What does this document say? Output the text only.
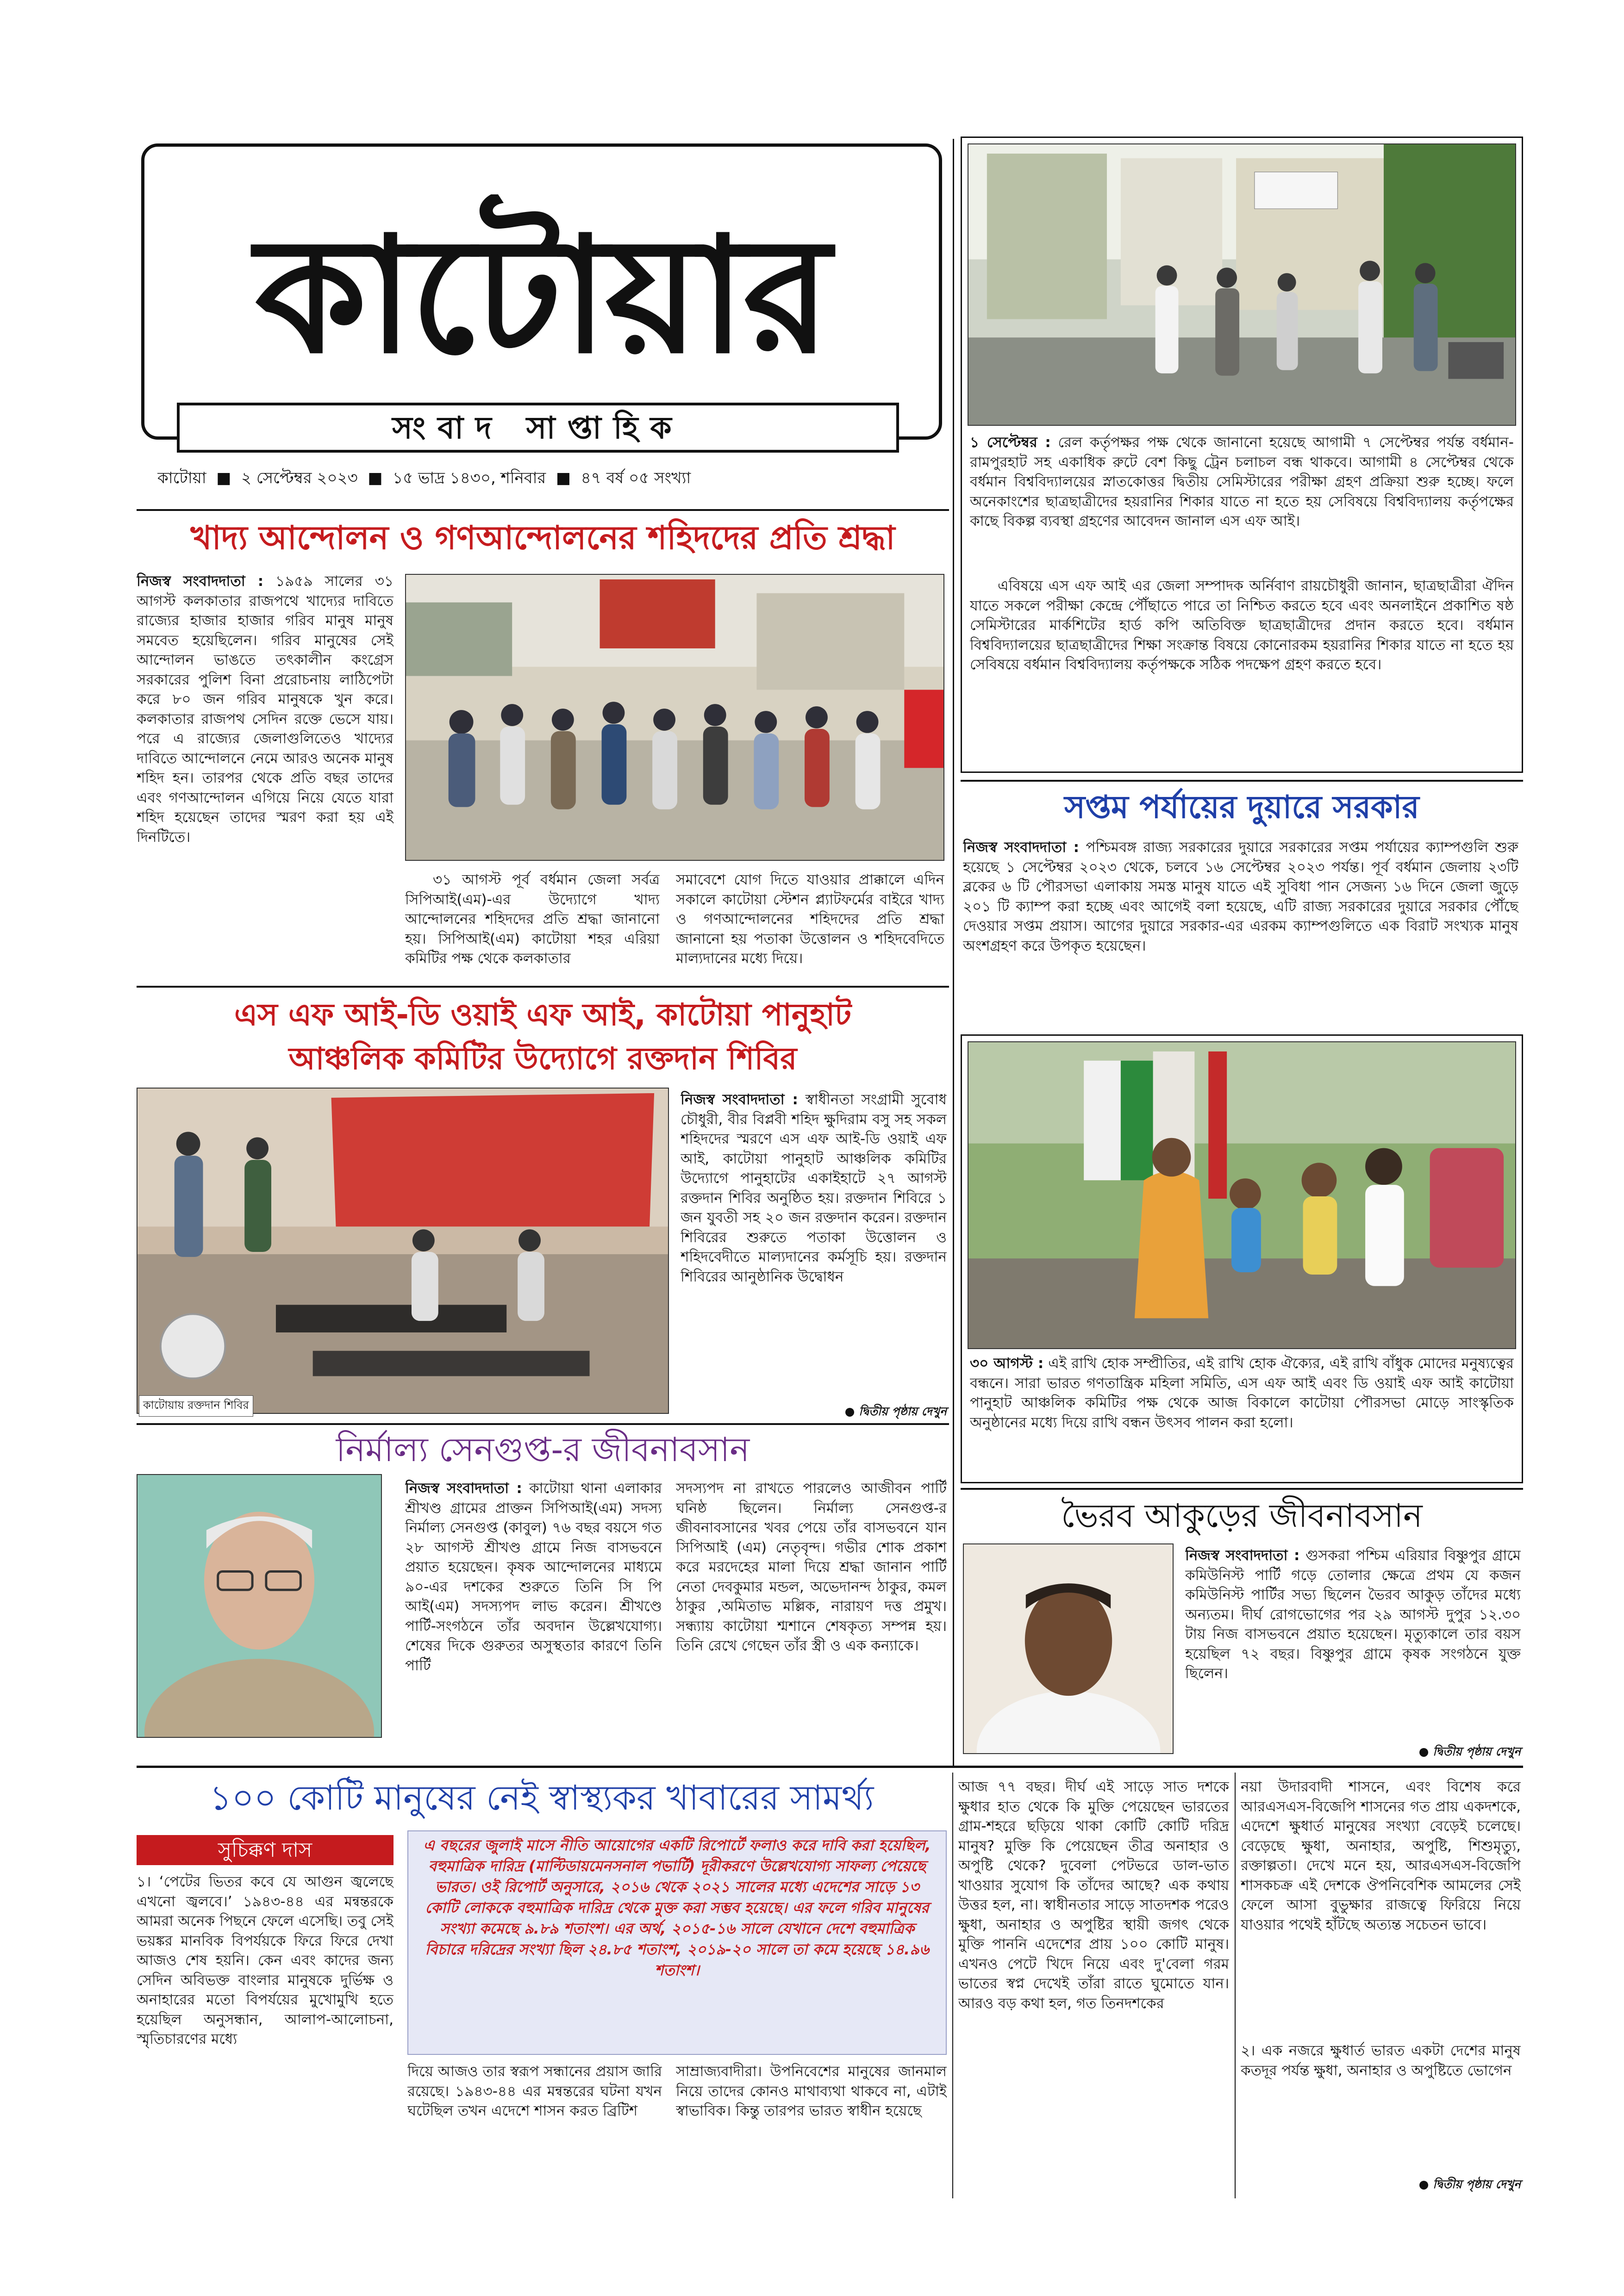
কাটোয়ার
সংবাদ সাপ্তাহিক
কাটোয়া ■ ২ সেপ্টেম্বর ২০২৩ ■ ১৫ ভাদ্র ১৪৩০, শনিবার ■ ৪৭ বর্ষ ০৫ সংখ্যা
১ সেপ্টেম্বর : রেল কর্তৃপক্ষর পক্ষ থেকে জানানো হয়েছে আগামী ৭ সেপ্টেম্বর পর্যন্ত বর্ধমান-রামপুরহাট সহ একাধিক রুটে বেশ কিছু ট্রেন চলাচল বন্ধ থাকবে। আগামী ৪ সেপ্টেম্বর থেকে বর্ধমান বিশ্ববিদ্যালয়ের স্নাতকোত্তর দ্বিতীয় সেমিস্টারের পরীক্ষা গ্রহণ প্রক্রিয়া শুরু হচ্ছে। ফলে অনেকাংশের ছাত্রছাত্রীদের হয়রানির শিকার যাতে না হতে হয় সেবিষয়ে বিশ্ববিদ্যালয় কর্তৃপক্ষের কাছে বিকল্প ব্যবস্থা গ্রহণের আবেদন জানাল এস এফ আই।
এবিষয়ে এস এফ আই এর জেলা সম্পাদক অর্নিবাণ রায়চৌধুরী জানান, ছাত্রছাত্রীরা ঐদিন যাতে সকলে পরীক্ষা কেন্দ্রে পৌঁছাতে পারে তা নিশ্চিত করতে হবে এবং অনলাইনে প্রকাশিত ষষ্ঠ সেমিস্টারের মার্কশিটের হার্ড কপি অতিবিক্ত ছাত্রছাত্রীদের প্রদান করতে হবে। বর্ধমান বিশ্ববিদ্যালয়ের ছাত্রছাত্রীদের শিক্ষা সংক্রান্ত বিষয়ে কোনোরকম হয়রানির শিকার যাতে না হতে হয় সেবিষয়ে বর্ধমান বিশ্ববিদ্যালয় কর্তৃপক্ষকে সঠিক পদক্ষেপ গ্রহণ করতে হবে।
খাদ্য আন্দোলন ও গণআন্দোলনের শহিদদের প্রতি শ্রদ্ধা
নিজস্ব সংবাদদাতা : ১৯৫৯ সালের ৩১ আগস্ট কলকাতার রাজপথে খাদ্যের দাবিতে রাজ্যের হাজার হাজার গরিব মানুষ মানুষ সমবেত হয়েছিলেন। গরিব মানুষের সেই আন্দোলন ভাঙতে তৎকালীন কংগ্রেস সরকারের পুলিশ বিনা প্ররোচনায় লাঠিপেটা করে ৮০ জন গরিব মানুষকে খুন করে। কলকাতার রাজপথ সেদিন রক্তে ভেসে যায়। পরে এ রাজ্যের জেলাগুলিতেও খাদ্যের দাবিতে আন্দোলনে নেমে আরও অনেক মানুষ শহিদ হন। তারপর থেকে প্রতি বছর তাদের এবং গণআন্দোলন এগিয়ে নিয়ে যেতে যারা শহিদ হয়েছেন তাদের স্মরণ করা হয় এই দিনটিতে।
৩১ আগস্ট পূর্ব বর্ধমান জেলা সর্বত্র সিপিআই(এম)-এর উদ্যোগে খাদ্য আন্দোলনের শহিদদের প্রতি শ্রদ্ধা জানানো হয়। সিপিআই(এম) কাটোয়া শহর এরিয়া কমিটির পক্ষ থেকে কলকাতার
সমাবেশে যোগ দিতে যাওয়ার প্রাক্কালে এদিন সকালে কাটোয়া স্টেশন প্ল্যাটফর্মের বাইরে খাদ্য ও গণআন্দোলনের শহিদদের প্রতি শ্রদ্ধা জানানো হয় পতাকা উত্তোলন ও শহিদবেদিতে মাল্যদানের মধ্যে দিয়ে।
সপ্তম পর্যায়ের দুয়ারে সরকার
নিজস্ব সংবাদদাতা : পশ্চিমবঙ্গ রাজ্য সরকারের দুয়ারে সরকারের সপ্তম পর্যায়ের ক্যাম্পগুলি শুরু হয়েছে ১ সেপ্টেম্বর ২০২৩ থেকে, চলবে ১৬ সেপ্টেম্বর ২০২৩ পর্যন্ত। পূর্ব বর্ধমান জেলায় ২৩টি ব্লকের ৬ টি পৌরসভা এলাকায় সমস্ত মানুষ যাতে এই সুবিধা পান সেজন্য ১৬ দিনে জেলা জুড়ে ২০১ টি ক্যাম্প করা হচ্ছে এবং আগেই বলা হয়েছে, এটি রাজ্য সরকারের দুয়ারে সরকার পৌঁছে দেওয়ার সপ্তম প্রয়াস। আগের দুয়ারে সরকার-এর এরকম ক্যাম্পগুলিতে এক বিরাট সংখ্যক মানুষ অংশগ্রহণ করে উপকৃত হয়েছেন।
এস এফ আই-ডি ওয়াই এফ আই, কাটোয়া পানুহাট
আঞ্চলিক কমিটির উদ্যোগে রক্তদান শিবির
কাটোয়ায় রক্তদান শিবির
নিজস্ব সংবাদদাতা : স্বাধীনতা সংগ্রামী সুবোধ চৌধুরী, বীর বিপ্লবী শহিদ ক্ষুদিরাম বসু সহ সকল শহিদদের স্মরণে এস এফ আই-ডি ওয়াই এফ আই, কাটোয়া পানুহাট আঞ্চলিক কমিটির উদ্যোগে পানুহাটের একাইহাটে ২৭ আগস্ট রক্তদান শিবির অনুষ্ঠিত হয়। রক্তদান শিবিরে ১ জন যুবতী সহ ২০ জন রক্তদান করেন। রক্তদান শিবিরের শুরুতে পতাকা উত্তোলন ও শহিদবেদীতে মাল্যদানের কর্মসূচি হয়। রক্তদান শিবিরের আনুষ্ঠানিক উদ্বোধন
● দ্বিতীয় পৃষ্ঠায় দেখুন
৩০ আগস্ট : এই রাখি হোক সম্প্রীতির, এই রাখি হোক ঐক্যের, এই রাখি বাঁধুক মোদের মনুষ্যত্বের বন্ধনে। সারা ভারত গণতান্ত্রিক মহিলা সমিতি, এস এফ আই এবং ডি ওয়াই এফ আই কাটোয়া পানুহাট আঞ্চলিক কমিটির পক্ষ থেকে আজ বিকালে কাটোয়া পৌরসভা মোড়ে সাংস্কৃতিক অনুষ্ঠানের মধ্যে দিয়ে রাখি বন্ধন উৎসব পালন করা হলো।
নির্মাল্য সেনগুপ্ত-র জীবনাবসান
নিজস্ব সংবাদদাতা : কাটোয়া থানা এলাকার শ্রীখণ্ড গ্রামের প্রাক্তন সিপিআই(এম) সদস্য নির্মাল্য সেনগুপ্ত (কাবুল) ৭৬ বছর বয়সে গত ২৮ আগস্ট শ্রীখণ্ড গ্রামে নিজ বাসভবনে প্রয়াত হয়েছেন। কৃষক আন্দোলনের মাধ্যমে ৯০-এর দশকের শুরুতে তিনি সি পি আই(এম) সদস্যপদ লাভ করেন। শ্রীখণ্ডে পার্টি-সংগঠনে তাঁর অবদান উল্লেখযোগ্য। শেষের দিকে গুরুতর অসুস্থতার কারণে তিনি পার্টি
সদস্যপদ না রাখতে পারলেও আজীবন পার্টি ঘনিষ্ঠ ছিলেন। নির্মাল্য সেনগুপ্ত-র জীবনাবসানের খবর পেয়ে তাঁর বাসভবনে যান সিপিআই (এম) নেতৃবৃন্দ। গভীর শোক প্রকাশ করে মরদেহের মালা দিয়ে শ্রদ্ধা জানান পার্টি নেতা দেবকুমার মন্ডল, অভেদানন্দ ঠাকুর, কমল ঠাকুর ,অমিতাভ মল্লিক, নারায়ণ দত্ত প্রমুখ। সন্ধ্যায় কাটোয়া শ্মশানে শেষকৃত্য সম্পন্ন হয়। তিনি রেখে গেছেন তাঁর স্ত্রী ও এক কন্যাকে।
ভৈরব আকুড়ের জীবনাবসান
নিজস্ব সংবাদদাতা : গুসকরা পশ্চিম এরিয়ার বিষ্ণুপুর গ্রামে কমিউনিস্ট পার্টি গড়ে তোলার ক্ষেত্রে প্রথম যে কজন কমিউনিস্ট পার্টির সভ্য ছিলেন ভৈরব আকুড় তাঁদের মধ্যে অন্যতম। দীর্ঘ রোগভোগের পর ২৯ আগস্ট দুপুর ১২.৩০ টায় নিজ বাসভবনে প্রয়াত হয়েছেন। মৃত্যুকালে তার বয়স হয়েছিল ৭২ বছর। বিষ্ণুপুর গ্রামে কৃষক সংগঠনে যুক্ত ছিলেন।
● দ্বিতীয় পৃষ্ঠায় দেখুন
১০০ কোটি মানুষের নেই স্বাস্থ্যকর খাবারের সামর্থ্য
সুচিক্কণ দাস
১। ‘পেটের ভিতর কবে যে আগুন জ্বলেছে এখনো জ্বলবে।’ ১৯৪৩-৪৪ এর মন্বন্তরকে আমরা অনেক পিছনে ফেলে এসেছি। তবু সেই ভয়ঙ্কর মানবিক বিপর্যয়কে ফিরে ফিরে দেখা আজও শেষ হয়নি। কেন এবং কাদের জন্য সেদিন অবিভক্ত বাংলার মানুষকে দুর্ভিক্ষ ও অনাহারের মতো বিপর্যয়ের মুখোমুখি হতে হয়েছিল অনুসন্ধান, আলাপ-আলোচনা, স্মৃতিচারণের মধ্যে
এ বছরের জুলাই মাসে নীতি আয়োগের একটি রিপোর্টে ফলাও করে দাবি করা হয়েছিল, বহুমাত্রিক দারিদ্র (মাল্টিডায়মেনসনাল পভার্টি) দূরীকরণে উল্লেখযোগ্য সাফল্য পেয়েছে ভারত। ওই রিপোর্ট অনুসারে, ২০১৬ থেকে ২০২১ সালের মধ্যে এদেশের সাড়ে ১৩ কোটি লোককে বহুমাত্রিক দারিদ্র থেকে মুক্ত করা সম্ভব হয়েছে। এর ফলে গরিব মানুষের সংখ্যা কমেছে ৯.৮৯ শতাংশ। এর অর্থ, ২০১৫-১৬ সালে যেখানে দেশে বহুমাত্রিক বিচারে দরিদ্রের সংখ্যা ছিল ২৪.৮৫ শতাংশ, ২০১৯-২০ সালে তা কমে হয়েছে ১৪.৯৬ শতাংশ।
দিয়ে আজও তার স্বরূপ সন্ধানের প্রয়াস জারি রয়েছে। ১৯৪৩-৪৪ এর মন্বন্তরের ঘটনা যখন ঘটেছিল তখন এদেশে শাসন করত ব্রিটিশ
সাম্রাজ্যবাদীরা। উপনিবেশের মানুষের জানমাল নিয়ে তাদের কোনও মাথাব্যথা থাকবে না, এটাই স্বাভাবিক। কিন্তু তারপর ভারত স্বাধীন হয়েছে
আজ ৭৭ বছর। দীর্ঘ এই সাড়ে সাত দশকে ক্ষুধার হাত থেকে কি মুক্তি পেয়েছেন ভারতের গ্রাম-শহরে ছড়িয়ে থাকা কোটি কোটি দরিদ্র মানুষ? মুক্তি কি পেয়েছেন তীব্র অনাহার ও অপুষ্টি থেকে? দুবেলা পেটভরে ডাল-ভাত খাওয়ার সুযোগ কি তাঁদের আছে? এক কথায় উত্তর হল, না। স্বাধীনতার সাড়ে সাতদশক পরেও ক্ষুধা, অনাহার ও অপুষ্টির স্থায়ী জগৎ থেকে মুক্তি পাননি এদেশের প্রায় ১০০ কোটি মানুষ। এখনও পেটে খিদে নিয়ে এবং দু'বেলা গরম ভাতের স্বপ্ন দেখেই তাঁরা রাতে ঘুমোতে যান। আরও বড় কথা হল, গত তিনদশকের
নয়া উদারবাদী শাসনে, এবং বিশেষ করে আরএসএস-বিজেপি শাসনের গত প্রায় একদশকে, এদেশে ক্ষুধার্ত মানুষের সংখ্যা বেড়েই চলেছে। বেড়েছে ক্ষুধা, অনাহার, অপুষ্টি, শিশুমৃত্যু, রক্তাল্পতা। দেখে মনে হয়, আরএসএস-বিজেপি শাসকচক্র এই দেশকে ঔপনিবেশিক আমলের সেই ফেলে আসা বুভুক্ষার রাজত্বে ফিরিয়ে নিয়ে যাওয়ার পথেই হাঁটছে অত্যন্ত সচেতন ভাবে।
২। এক নজরে ক্ষুধার্ত ভারত একটা দেশের মানুষ কতদূর পর্যন্ত ক্ষুধা, অনাহার ও অপুষ্টিতে ভোগেন
● দ্বিতীয় পৃষ্ঠায় দেখুন
